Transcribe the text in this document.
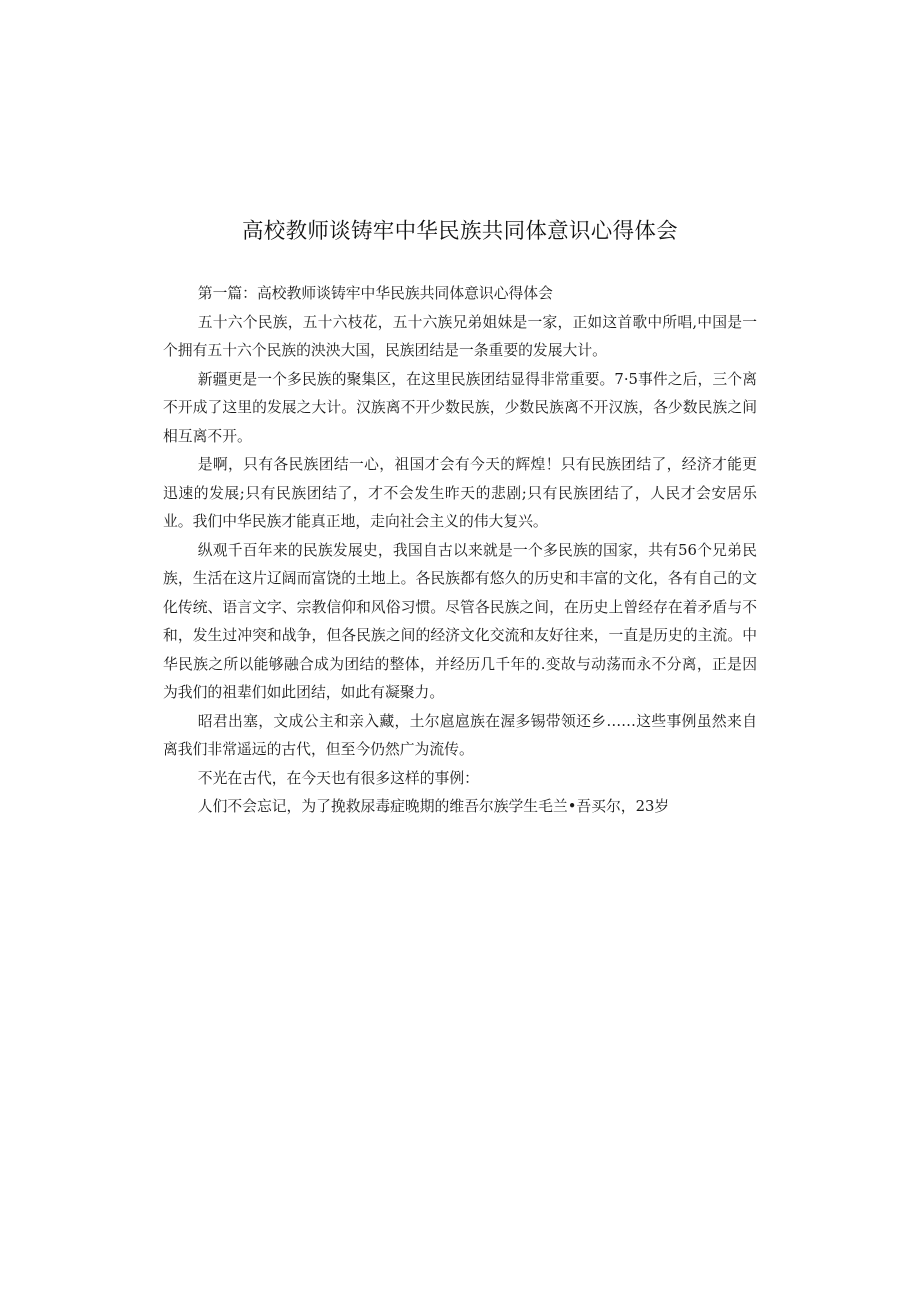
高校教师谈铸牢中华民族共同体意识心得体会

第一篇：高校教师谈铸牢中华民族共同体意识心得体会

五十六个民族，五十六枝花，五十六族兄弟姐妹是一家，正如这首歌中所唱,中国是一个拥有五十六个民族的泱泱大国，民族团结是一条重要的发展大计。

新疆更是一个多民族的聚集区，在这里民族团结显得非常重要。7·5事件之后，三个离不开成了这里的发展之大计。汉族离不开少数民族，少数民族离不开汉族，各少数民族之间相互离不开。

是啊，只有各民族团结一心，祖国才会有今天的辉煌！只有民族团结了，经济才能更迅速的发展;只有民族团结了，才不会发生昨天的悲剧;只有民族团结了，人民才会安居乐业。我们中华民族才能真正地，走向社会主义的伟大复兴。

纵观千百年来的民族发展史，我国自古以来就是一个多民族的国家，共有56个兄弟民族，生活在这片辽阔而富饶的土地上。各民族都有悠久的历史和丰富的文化，各有自己的文化传统、语言文字、宗教信仰和风俗习惯。尽管各民族之间，在历史上曾经存在着矛盾与不和，发生过冲突和战争，但各民族之间的经济文化交流和友好往来，一直是历史的主流。中华民族之所以能够融合成为团结的整体，并经历几千年的.变故与动荡而永不分离，正是因为我们的祖辈们如此团结，如此有凝聚力。

昭君出塞，文成公主和亲入藏，土尔扈扈族在渥多锡带领还乡……这些事例虽然来自离我们非常遥远的古代，但至今仍然广为流传。

不光在古代，在今天也有很多这样的事例：

人们不会忘记，为了挽救尿毒症晚期的维吾尔族学生毛兰•吾买尔，23岁
